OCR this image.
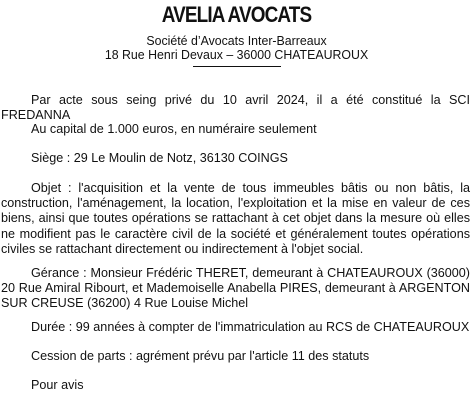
AVELIA AVOCATS
Société d’Avocats Inter-Barreaux
18 Rue Henri Devaux – 36000 CHATEAUROUX

Par acte sous seing privé du 10 avril 2024, il a été constitué la SCI FREDANNA

Au capital de 1.000 euros, en numéraire seulement

Siège : 29 Le Moulin de Notz, 36130 COINGS

Objet : l'acquisition et la vente de tous immeubles bâtis ou non bâtis, la construction, l'aménagement, la location, l'exploitation et la mise en valeur de ces biens, ainsi que toutes opérations se rattachant à cet objet dans la mesure où elles ne modifient pas le caractère civil de la société et généralement toutes opérations civiles se rattachant directement ou indirectement à l'objet social.

Gérance : Monsieur Frédéric THERET, demeurant à CHATEAUROUX (36000) 20 Rue Amiral Ribourt, et Mademoiselle Anabella PIRES, demeurant à ARGENTON SUR CREUSE (36200) 4 Rue Louise Michel

Durée : 99 années à compter de l'immatriculation au RCS de CHATEAUROUX

Cession de parts : agrément prévu par l'article 11 des statuts

Pour avis
